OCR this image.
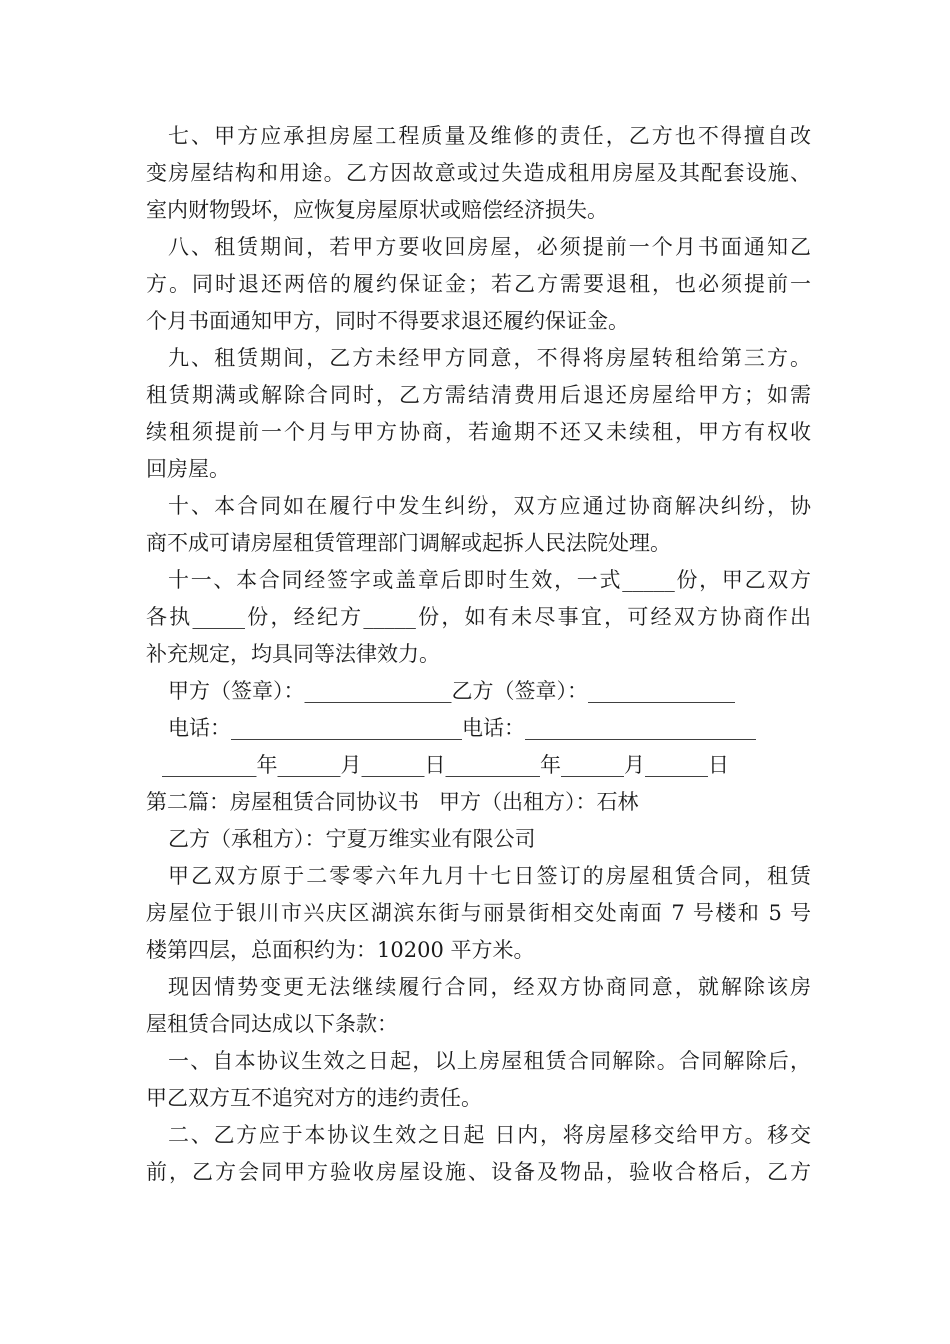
七、甲方应承担房屋工程质量及维修的责任，乙方也不得擅自改
变房屋结构和用途。乙方因故意或过失造成租用房屋及其配套设施、
室内财物毁坏，应恢复房屋原状或赔偿经济损失。
八、租赁期间，若甲方要收回房屋，必须提前一个月书面通知乙
方。同时退还两倍的履约保证金；若乙方需要退租，也必须提前一
个月书面通知甲方，同时不得要求退还履约保证金。
九、租赁期间，乙方未经甲方同意，不得将房屋转租给第三方。
租赁期满或解除合同时，乙方需结清费用后退还房屋给甲方；如需
续租须提前一个月与甲方协商，若逾期不还又未续租，甲方有权收
回房屋。
十、本合同如在履行中发生纠纷，双方应通过协商解决纠纷，协
商不成可请房屋租赁管理部门调解或起拆人民法院处理。
十一、本合同经签字或盖章后即时生效，一式_____份，甲乙双方
各执_____份，经纪方_____份，如有未尽事宜，可经双方协商作出
补充规定，均具同等法律效力。
甲方（签章）：______________乙方（签章）：______________
电话：______________________电话：______________________
_________年______月______日_________年______月______日
第二篇：房屋租赁合同协议书   甲方（出租方）：石林
乙方（承租方）：宁夏万维实业有限公司
甲乙双方原于二零零六年九月十七日签订的房屋租赁合同，租赁
房屋位于银川市兴庆区湖滨东街与丽景街相交处南面 7 号楼和 5 号
楼第四层，总面积约为：10200 平方米。
现因情势变更无法继续履行合同，经双方协商同意，就解除该房
屋租赁合同达成以下条款：
一、自本协议生效之日起，以上房屋租赁合同解除。合同解除后，
甲乙双方互不追究对方的违约责任。
二、乙方应于本协议生效之日起 日内，将房屋移交给甲方。移交
前，乙方会同甲方验收房屋设施、设备及物品，验收合格后，乙方
